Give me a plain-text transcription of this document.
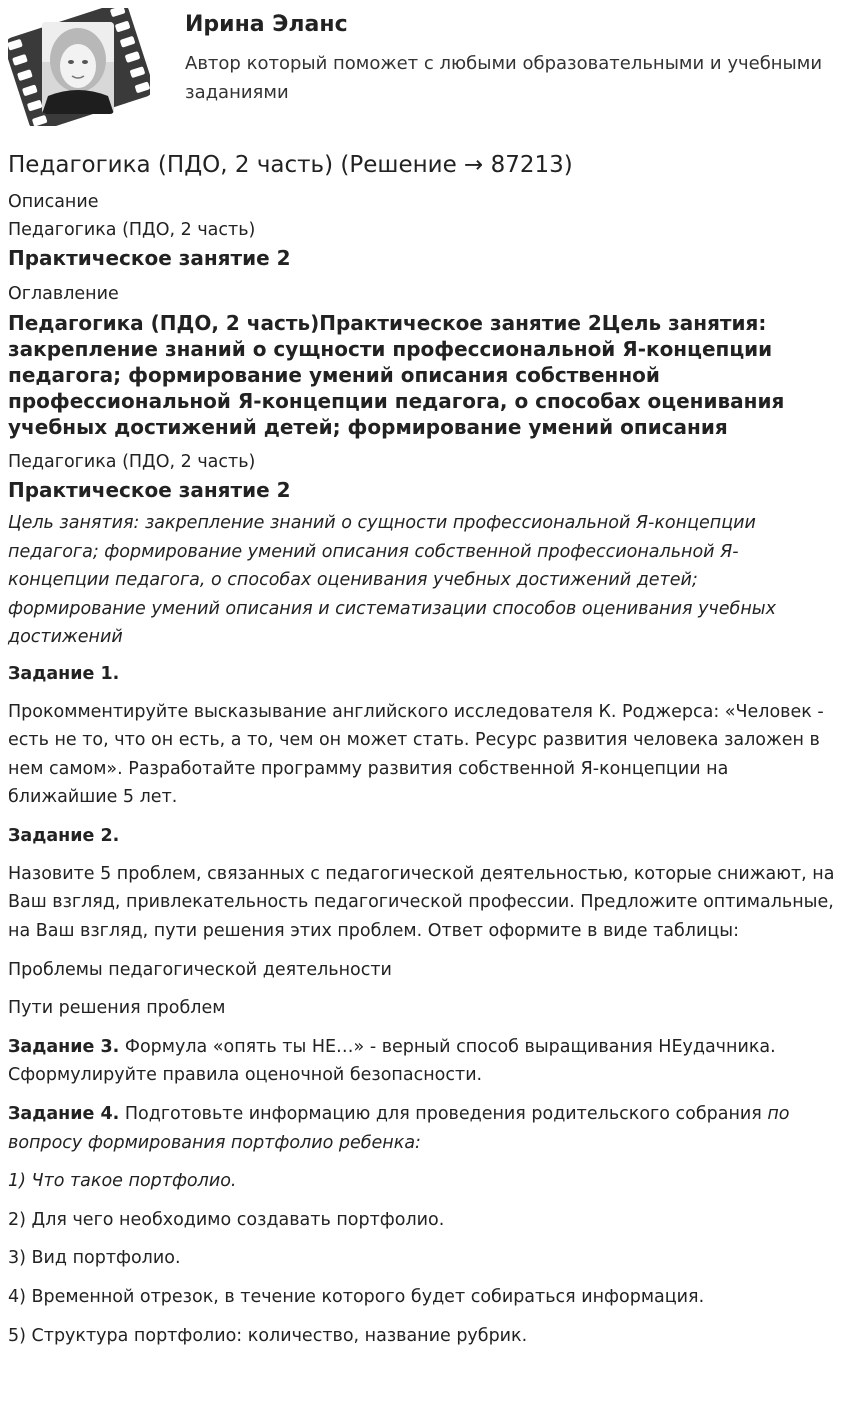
Ирина Эланс
Автор который поможет с любыми образовательными и учебными заданиями
Педагогика (ПДО, 2 часть) (Решение → 87213)
Описание
Педагогика (ПДО, 2 часть)
Практическое занятие 2
Оглавление
Педагогика (ПДО, 2 часть)Практическое занятие 2Цель занятия: закрепление знаний о сущности профессиональной Я-концепции педагога; формирование умений описания собственной профессиональной Я-концепции педагога, о способах оценивания учебных достижений детей; формирование умений описания
Педагогика (ПДО, 2 часть)
Практическое занятие 2
Цель занятия: закрепление знаний о сущности профессиональной Я-концепции педагога; формирование умений описания собственной профессиональной Я-концепции педагога, о способах оценивания учебных достижений детей; формирование умений описания и систематизации способов оценивания учебных достижений
Задание 1.
Прокомментируйте высказывание английского исследователя К. Роджерса: «Человек - есть не то, что он есть, а то, чем он может стать. Ресурс развития человека заложен в нем самом». Разработайте программу развития собственной Я-концепции на ближайшие 5 лет.
Задание 2.
Назовите 5 проблем, связанных с педагогической деятельностью, которые снижают, на Ваш взгляд, привлекательность педагогической профессии. Предложите оптимальные, на Ваш взгляд, пути решения этих проблем. Ответ оформите в виде таблицы:
Проблемы педагогической деятельности
Пути решения проблем
Задание 3. Формула «опять ты НЕ…» - верный способ выращивания НЕудачника. Сформулируйте правила оценочной безопасности.
Задание 4. Подготовьте информацию для проведения родительского собрания по вопросу формирования портфолио ребенка:
1) Что такое портфолио.
2) Для чего необходимо создавать портфолио.
3) Вид портфолио.
4) Временной отрезок, в течение которого будет собираться информация.
5) Структура портфолио: количество, название рубрик.
